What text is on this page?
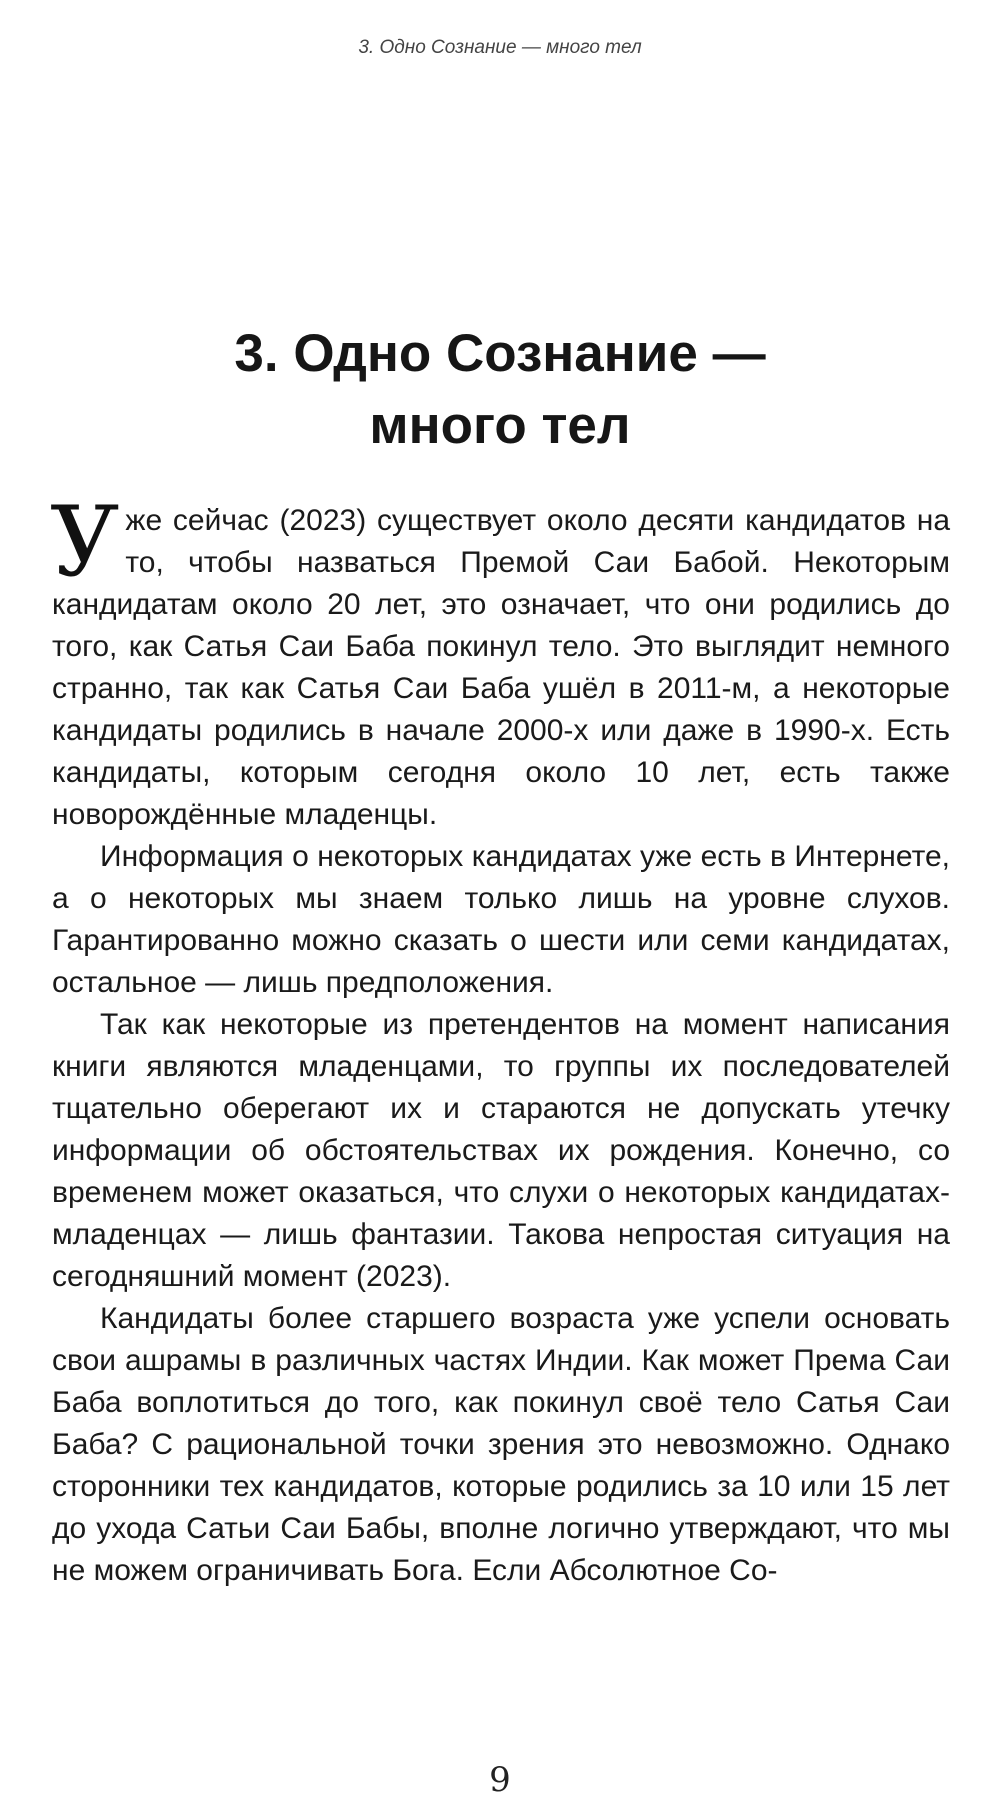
3. Одно Сознание — много тел
3. Одно Сознание —
много тел

Уже сейчас (2023) существует около десяти кандидатов на то, чтобы назваться Премой Саи Бабой. Некоторым кандидатам около 20 лет, это означает, что они родились до того, как Сатья Саи Баба покинул тело. Это выглядит немного странно, так как Сатья Саи Баба ушёл в 2011-м, а некоторые кандидаты родились в начале 2000-х или даже в 1990-х. Есть кандидаты, которым сегодня около 10 лет, есть также новорождённые младенцы.

Информация о некоторых кандидатах уже есть в Интернете, а о некоторых мы знаем только лишь на уровне слухов. Гарантированно можно сказать о шести или семи кандидатах, остальное — лишь предположения.

Так как некоторые из претендентов на момент написания книги являются младенцами, то группы их последователей тщательно оберегают их и стараются не допускать утечку информации об обстоятельствах их рождения. Конечно, со временем может оказаться, что слухи о некоторых кандидатах-младенцах — лишь фантазии. Такова непростая ситуация на сегодняшний момент (2023).

Кандидаты более старшего возраста уже успели основать свои ашрамы в различных частях Индии. Как может Према Саи Баба воплотиться до того, как покинул своё тело Сатья Саи Баба? С рациональной точки зрения это невозможно. Однако сторонники тех кандидатов, которые родились за 10 или 15 лет до ухода Сатьи Саи Бабы, вполне логично утверждают, что мы не можем ограничивать Бога. Если Абсолютное Со-

9
